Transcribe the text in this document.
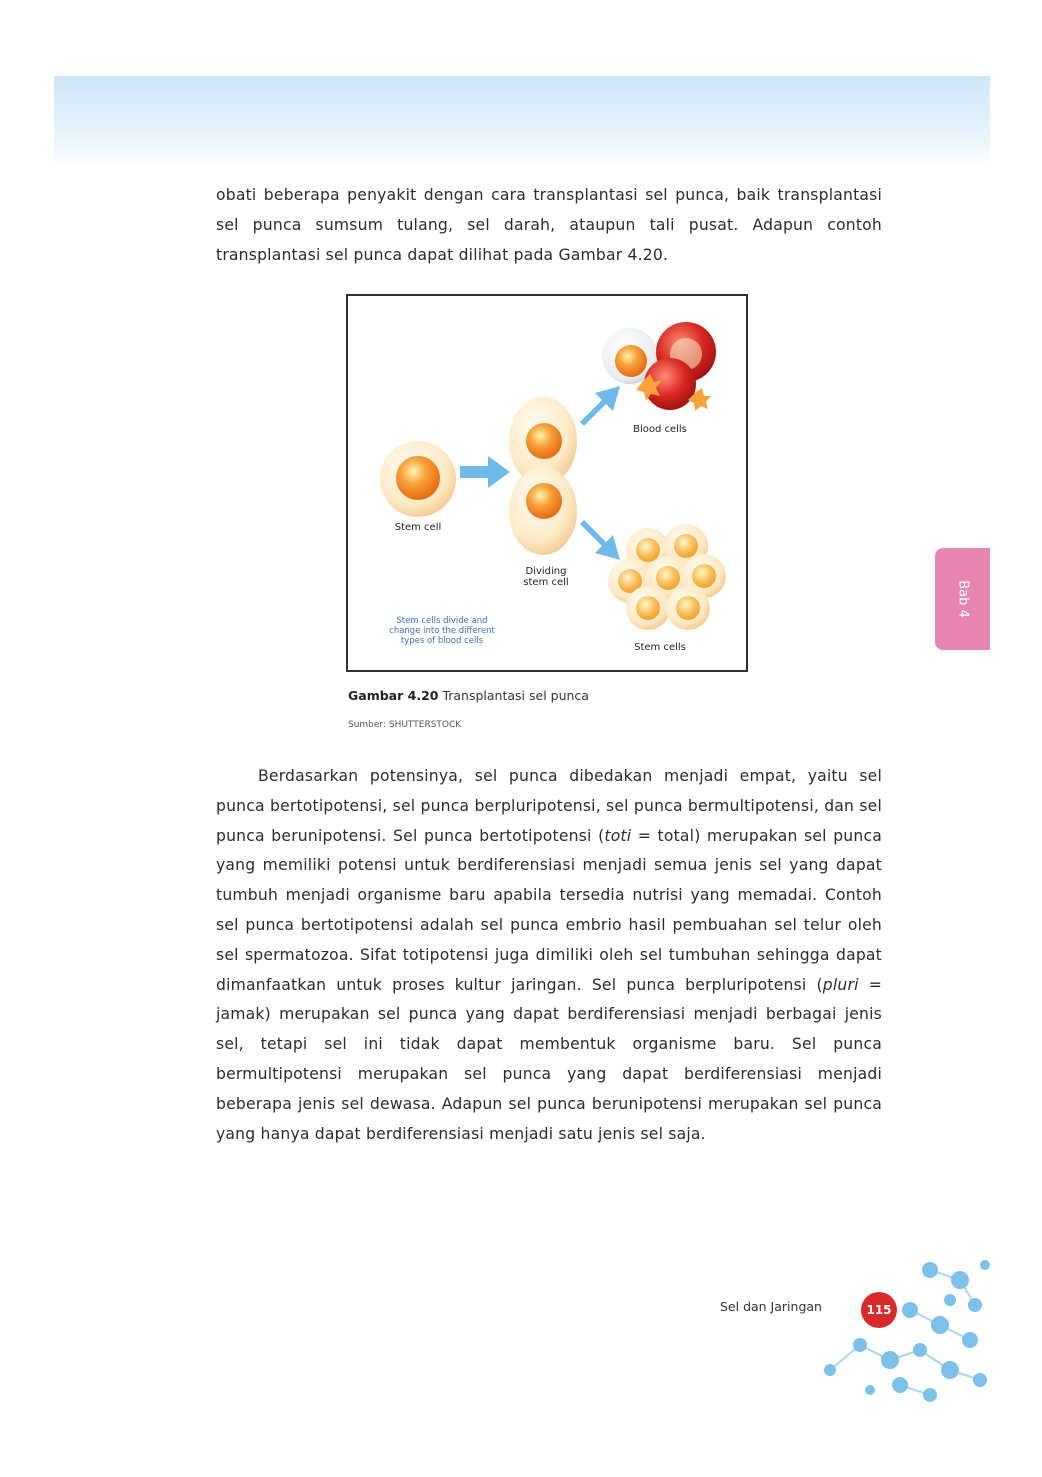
obati beberapa penyakit dengan cara transplantasi sel punca, baik transplantasi sel punca sumsum tulang, sel darah, ataupun tali pusat. Adapun contoh transplantasi sel punca dapat dilihat pada Gambar 4.20.

Stem cell
Dividing stem cell
Blood cells
Stem cells
Stem cells divide and change into the different types of blood cells
Gambar 4.20 Transplantasi sel punca
Sumber: SHUTTERSTOCK

Berdasarkan potensinya, sel punca dibedakan menjadi empat, yaitu sel punca bertotipotensi, sel punca berpluripotensi, sel punca bermultipotensi, dan sel punca berunipotensi. Sel punca bertotipotensi (toti = total) merupakan sel punca yang memiliki potensi untuk berdiferensiasi menjadi semua jenis sel yang dapat tumbuh menjadi organisme baru apabila tersedia nutrisi yang memadai. Contoh sel punca bertotipotensi adalah sel punca embrio hasil pembuahan sel telur oleh sel spermatozoa. Sifat totipotensi juga dimiliki oleh sel tumbuhan sehingga dapat dimanfaatkan untuk proses kultur jaringan. Sel punca berpluripotensi (pluri = jamak) merupakan sel punca yang dapat berdiferensiasi menjadi berbagai jenis sel, tetapi sel ini tidak dapat membentuk organisme baru. Sel punca bermultipotensi merupakan sel punca yang dapat berdiferensiasi menjadi beberapa jenis sel dewasa. Adapun sel punca berunipotensi merupakan sel punca yang hanya dapat berdiferensiasi menjadi satu jenis sel saja.

Bab 4
Sel dan Jaringan	115
